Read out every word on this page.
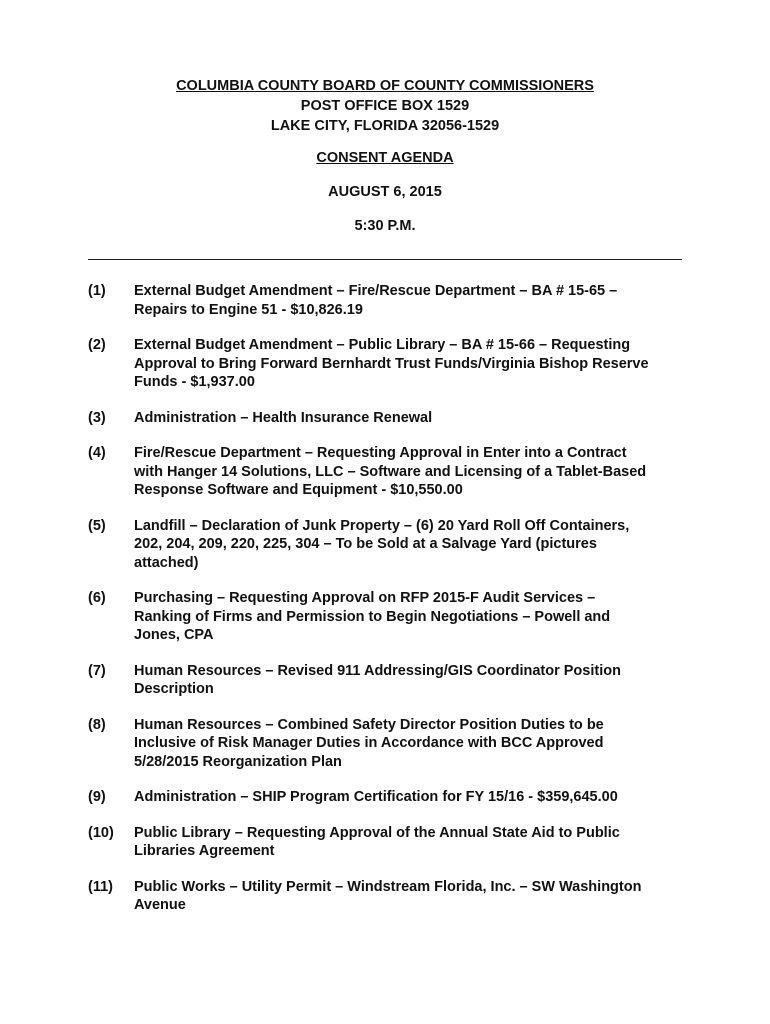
COLUMBIA COUNTY BOARD OF COUNTY COMMISSIONERS
POST OFFICE BOX 1529
LAKE CITY, FLORIDA 32056-1529
CONSENT AGENDA
AUGUST 6, 2015
5:30 P.M.
(1)	External Budget Amendment – Fire/Rescue Department – BA # 15-65 –
Repairs to Engine 51 - $10,826.19
(2)	External Budget Amendment – Public Library – BA # 15-66 – Requesting
Approval to Bring Forward Bernhardt Trust Funds/Virginia Bishop Reserve
Funds - $1,937.00
(3)	Administration – Health Insurance Renewal
(4)	Fire/Rescue Department – Requesting Approval in Enter into a Contract
with Hanger 14 Solutions, LLC – Software and Licensing of a Tablet-Based
Response Software and Equipment - $10,550.00
(5)	Landfill – Declaration of Junk Property – (6) 20 Yard Roll Off Containers,
202, 204, 209, 220, 225, 304 – To be Sold at a Salvage Yard (pictures
attached)
(6)	Purchasing – Requesting Approval on RFP 2015-F Audit Services –
Ranking of Firms and Permission to Begin Negotiations – Powell and
Jones, CPA
(7)	Human Resources – Revised 911 Addressing/GIS Coordinator Position
Description
(8)	Human Resources – Combined Safety Director Position Duties to be
Inclusive of Risk Manager Duties in Accordance with BCC Approved
5/28/2015 Reorganization Plan
(9)	Administration – SHIP Program Certification for FY 15/16 - $359,645.00
(10)	Public Library – Requesting Approval of the Annual State Aid to Public
Libraries Agreement
(11)	Public Works – Utility Permit – Windstream Florida, Inc. – SW Washington
Avenue
